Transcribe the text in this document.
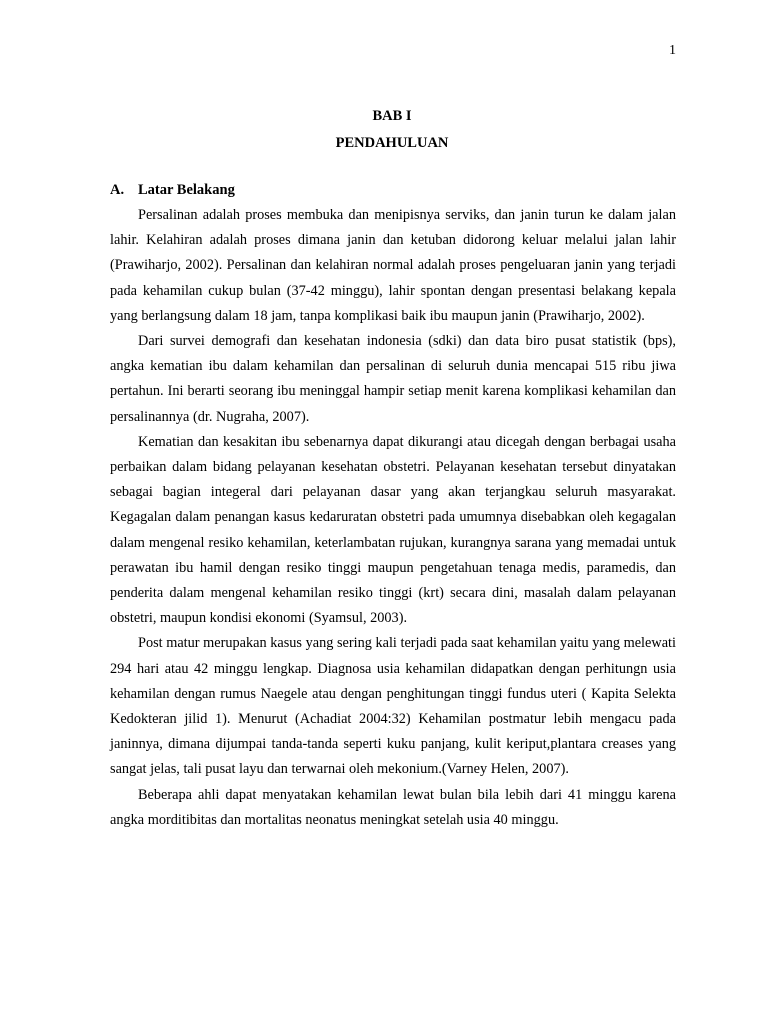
1
BAB I
PENDAHULUAN
A. Latar Belakang

Persalinan adalah proses membuka dan menipisnya serviks, dan janin turun ke dalam jalan lahir. Kelahiran adalah proses dimana janin dan ketuban didorong keluar melalui jalan lahir (Prawiharjo, 2002). Persalinan dan kelahiran normal adalah proses pengeluaran janin yang terjadi pada kehamilan cukup bulan (37-42 minggu), lahir spontan dengan presentasi belakang kepala yang berlangsung dalam 18 jam, tanpa komplikasi baik ibu maupun janin (Prawiharjo, 2002).

Dari survei demografi dan kesehatan indonesia (sdki) dan data biro pusat statistik (bps), angka kematian ibu dalam kehamilan dan persalinan di seluruh dunia mencapai 515 ribu jiwa pertahun. Ini berarti seorang ibu meninggal hampir setiap menit karena komplikasi kehamilan dan persalinannya (dr. Nugraha, 2007).

Kematian dan kesakitan ibu sebenarnya dapat dikurangi atau dicegah dengan berbagai usaha perbaikan dalam bidang pelayanan kesehatan obstetri. Pelayanan kesehatan tersebut dinyatakan sebagai bagian integeral dari pelayanan dasar yang akan terjangkau seluruh masyarakat. Kegagalan dalam penangan kasus kedaruratan obstetri pada umumnya disebabkan oleh kegagalan dalam mengenal resiko kehamilan, keterlambatan rujukan, kurangnya sarana yang memadai untuk perawatan ibu hamil dengan resiko tinggi maupun pengetahuan tenaga medis, paramedis, dan penderita dalam mengenal kehamilan resiko tinggi (krt) secara dini, masalah dalam pelayanan obstetri, maupun kondisi ekonomi (Syamsul, 2003).

Post matur merupakan kasus yang sering kali terjadi pada saat kehamilan yaitu yang melewati 294 hari atau 42 minggu lengkap. Diagnosa usia kehamilan didapatkan dengan perhitungn usia kehamilan dengan rumus Naegele atau dengan penghitungan tinggi fundus uteri ( Kapita Selekta Kedokteran jilid 1). Menurut (Achadiat 2004:32) Kehamilan postmatur lebih mengacu pada janinnya, dimana dijumpai tanda-tanda seperti kuku panjang, kulit keriput,plantara creases yang sangat jelas, tali pusat layu dan terwarnai oleh mekonium.(Varney Helen, 2007).

Beberapa ahli dapat menyatakan kehamilan lewat bulan bila lebih dari 41 minggu karena angka morditibitas dan mortalitas neonatus meningkat setelah usia 40 minggu.
